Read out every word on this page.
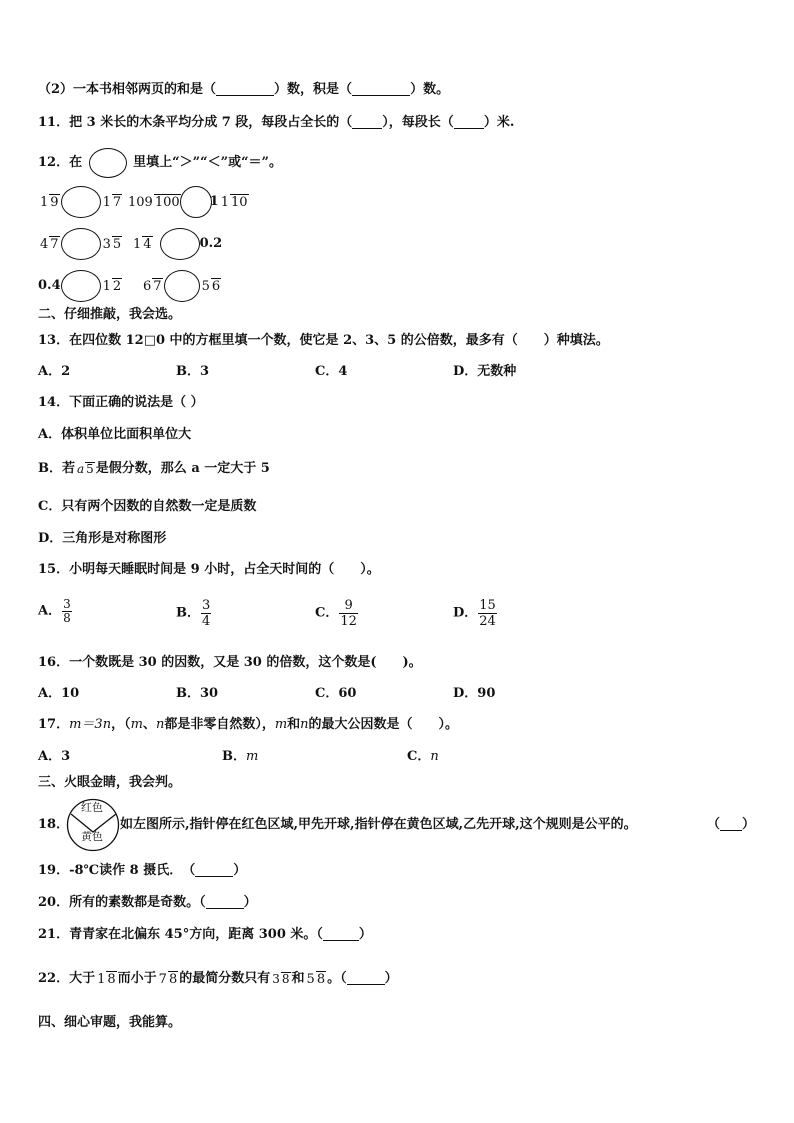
（2）一本书相邻两页的和是（	）数，积是（	）数。
11．把 3 米长的木条平均分成 7 段，每段占全长的（ ），每段长（ ）米.
12．在	里填上“＞”“＜”或“＝”。
1 9	1 7 109 100 1 1 10
4 7	3 5 1 4	0.2
0.4	1 2 6 7	5 6
二、仔细推敲，我会选。
13．在四位数 12□0 中的方框里填一个数，使它是 2、3、5 的公倍数，最多有（　　）种填法。
A．2	B．3	C．4	D．无数种
14．下面正确的说法是（ ）
A．体积单位比面积单位大
B．若 a 5 是假分数，那么 a 一定大于 5
C．只有两个因数的自然数一定是质数
D．三角形是对称图形
15．小明每天睡眠时间是 9 小时，占全天时间的（　　）。
A． $\frac{3}{8}$	B． $\frac{3}{4}$	C． $\frac{9}{12}$	D． $\frac{15}{24}$
16．一个数既是 30 的因数，又是 30 的倍数，这个数是(　　)。
A．10	B．30	C．60	D．90
17．m＝3n，（m、n都是非零自然数），m和n的最大公因数是（　　）。
A．3	B．m	C．n
三、火眼金睛，我会判。
红色
黄色
18．	如左图所示,指针停在红色区域,甲先开球,指针停在黄色区域,乙先开球,这个规则是公平的。	（ ）
19．-8℃读作 8 摄氏．　（	）
20．所有的素数都是奇数。（	）
21．青青家在北偏东 45°方向，距离 300 米。（	）
22．大于 1 8 而小于 7 8 的最简分数只有 3 8 和 5 8 。（	）
四、细心审题，我能算。
